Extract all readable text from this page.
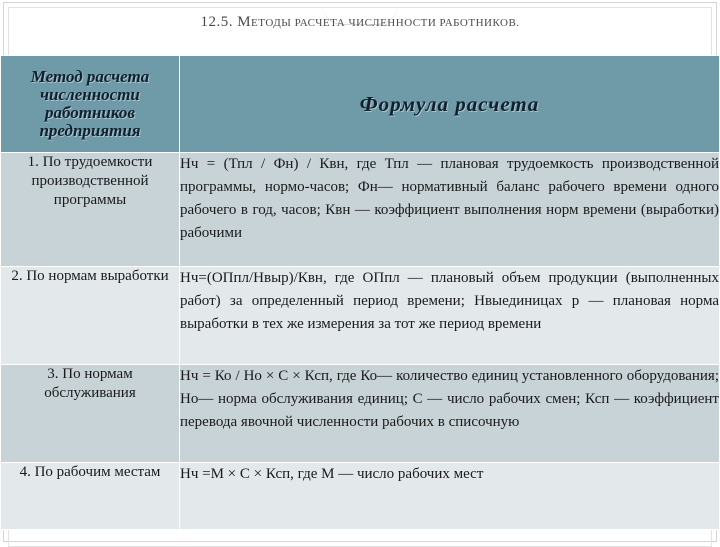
12.5. МЕТОДЫ РАСЧЕТА ЧИСЛЕННОСТИ РАБОТНИКОВ.
Метод расчета численности работников предприятия	Формула расчета
1. По трудоемкости производственной программы	Нч = (Тпл / Фн) / Квн, где Тпл — плановая трудоемкость производственной программы, нормо-часов; Фн— нормативный баланс рабочего времени одного рабочего в год, часов; Квн — коэффициент выполнения норм времени (выработки) рабочими
2. По нормам выработки	Нч=(ОПпл/Нвыр)/Квн, где ОПпл — плановый объем продукции (выполненных работ) за определенный период времени; Нвыединицах р — плановая норма выработки в тех же измерения за тот же период времени
3. По нормам обслуживания	Нч = Ко / Но × С × Ксп, где Ко— количество единиц установленного оборудования; Но— норма обслуживания единиц; С — число рабочих смен; Ксп — коэффициент перевода явочной численности рабочих в списочную
4. По рабочим местам	Нч =М × С × Ксп, где М — число рабочих мест
